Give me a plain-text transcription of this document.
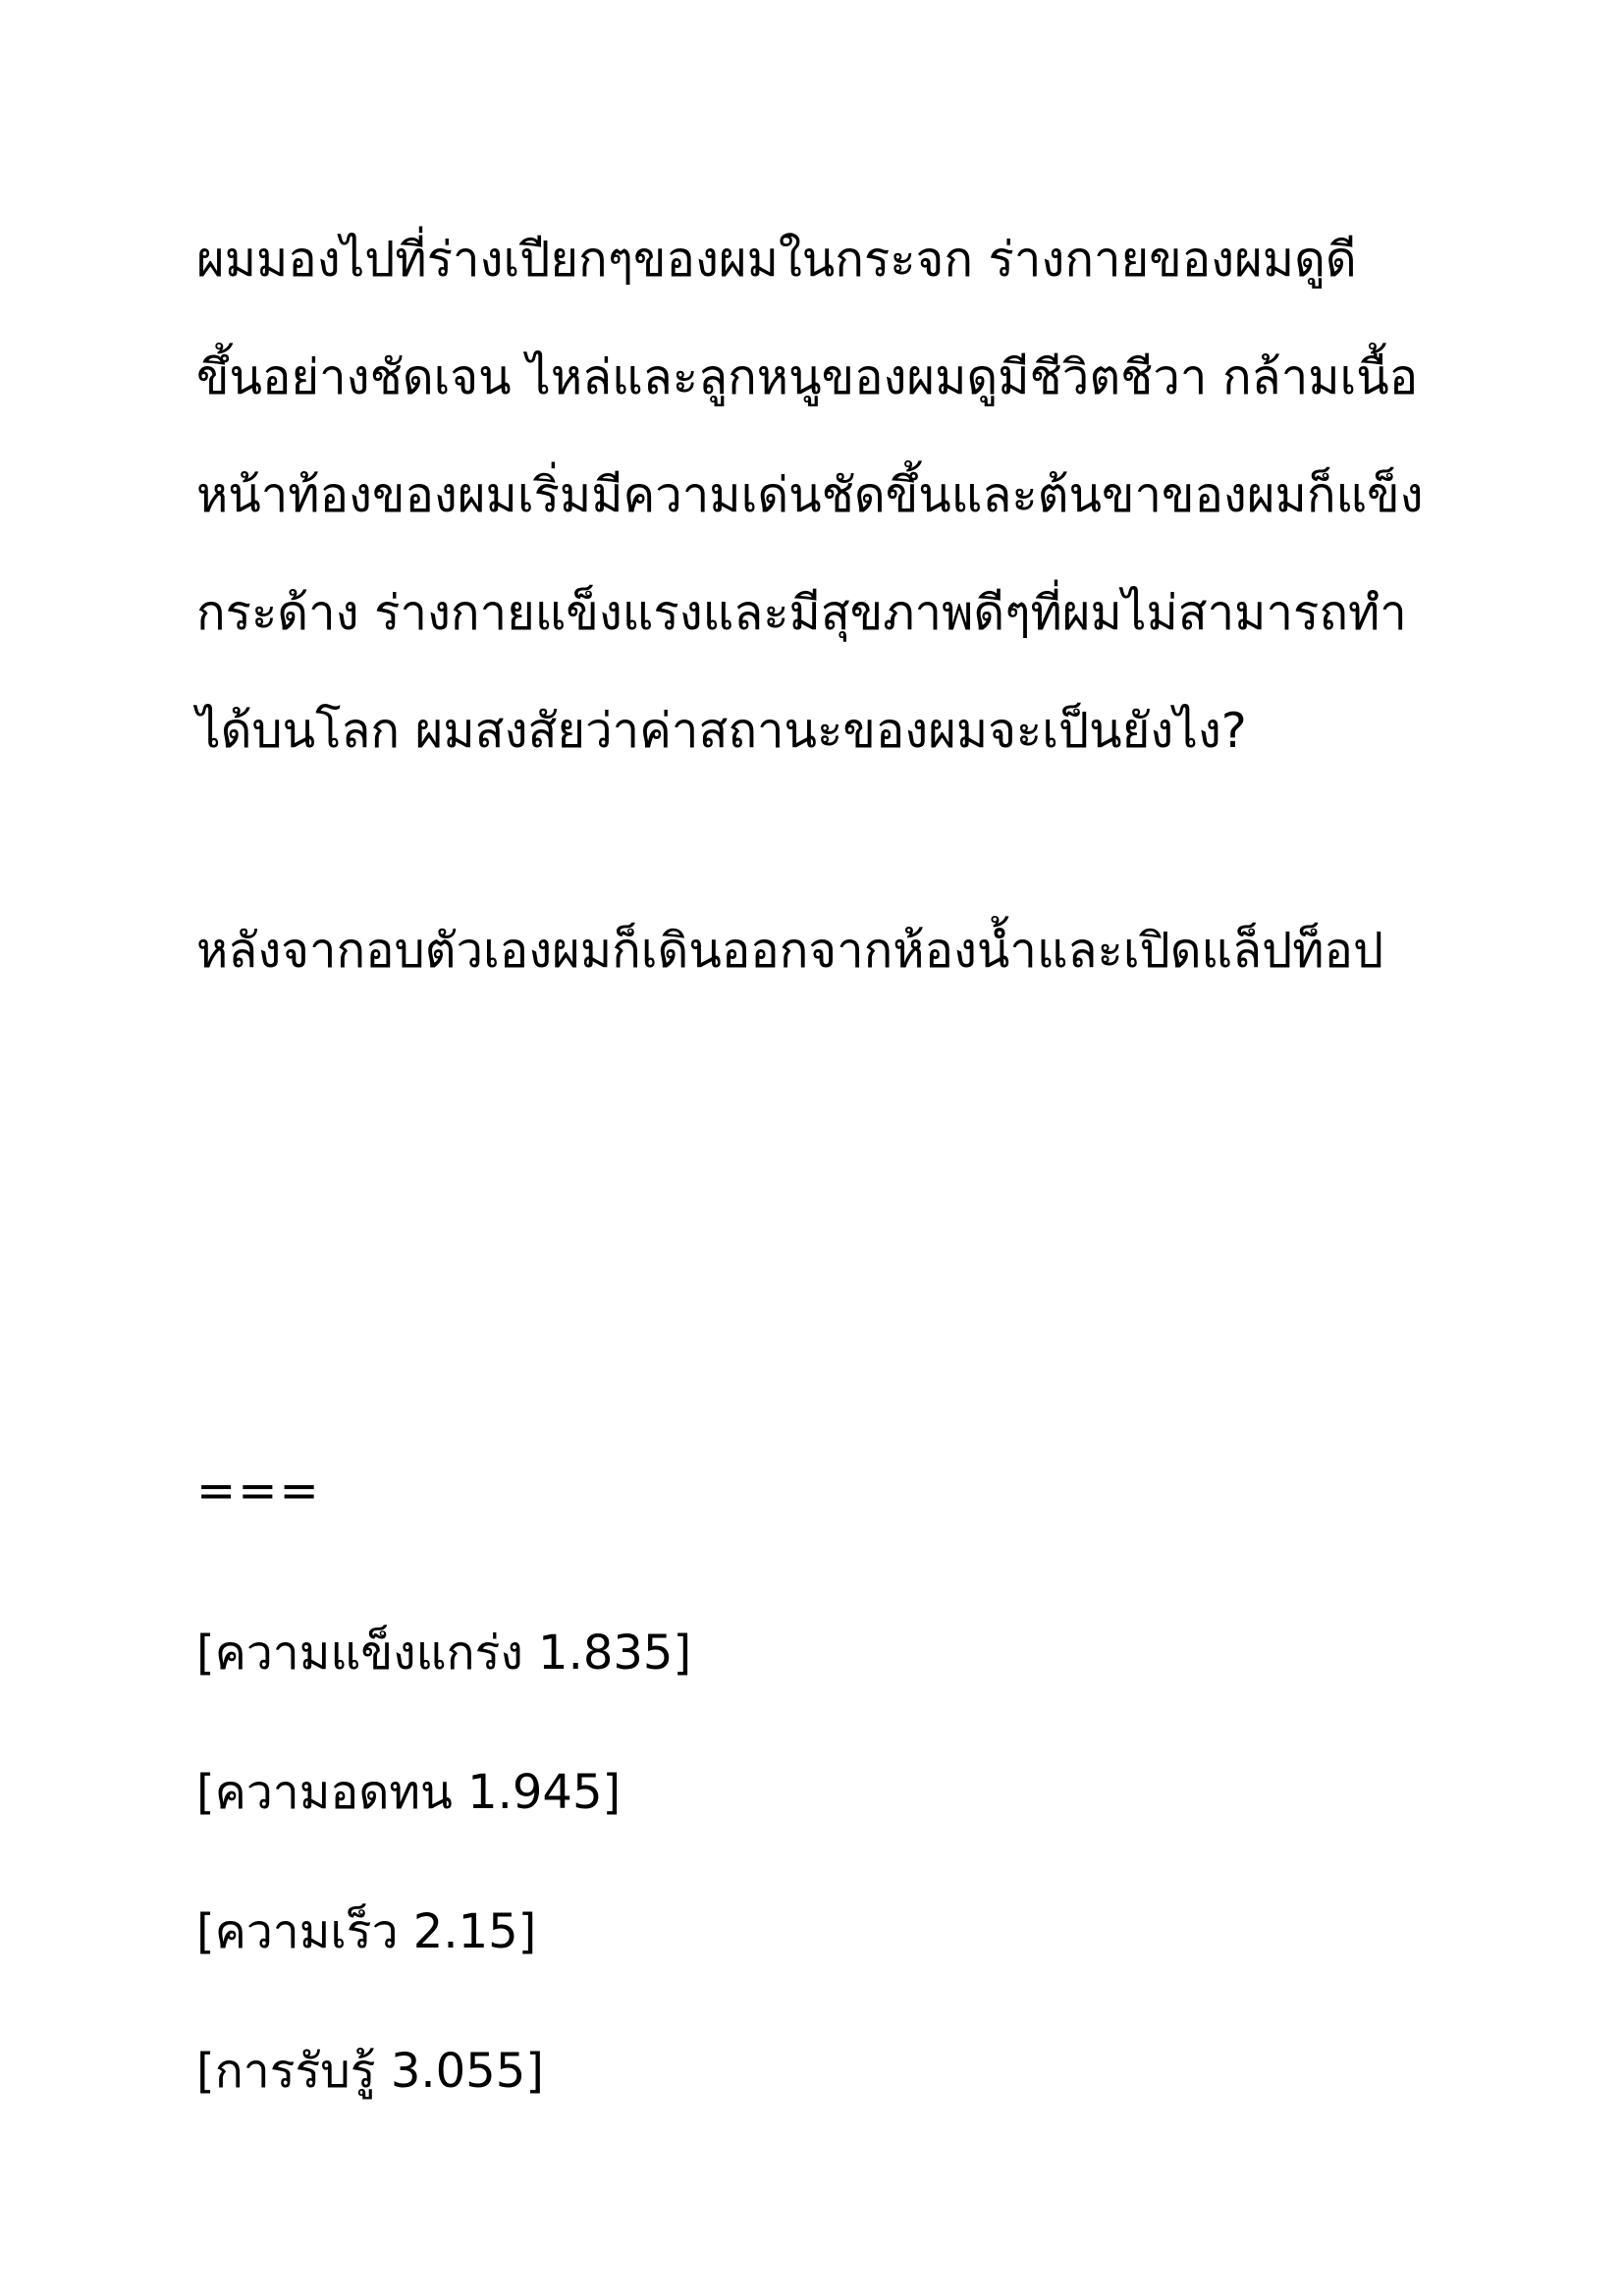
ผมมองไปที่ร่างเปียกๆของผมในกระจก ร่างกายของผมดูดี
ขึ้นอย่างชัดเจน ไหล่และลูกหนูของผมดูมีชีวิตชีวา กล้ามเนื้อ
หน้าท้องของผมเริ่มมีความเด่นชัดขึ้นและต้นขาของผมก็แข็ง
กระด้าง ร่างกายแข็งแรงและมีสุขภาพดีๆที่ผมไม่สามารถทำ
ได้บนโลก ผมสงสัยว่าค่าสถานะของผมจะเป็นยังไง?

หลังจากอบตัวเองผมก็เดินออกจากห้องน้ำและเปิดแล็ปท็อป

===

[ความแข็งแกร่ง 1.835]
[ความอดทน 1.945]
[ความเร็ว 2.15]
[การรับรู้ 3.055]
